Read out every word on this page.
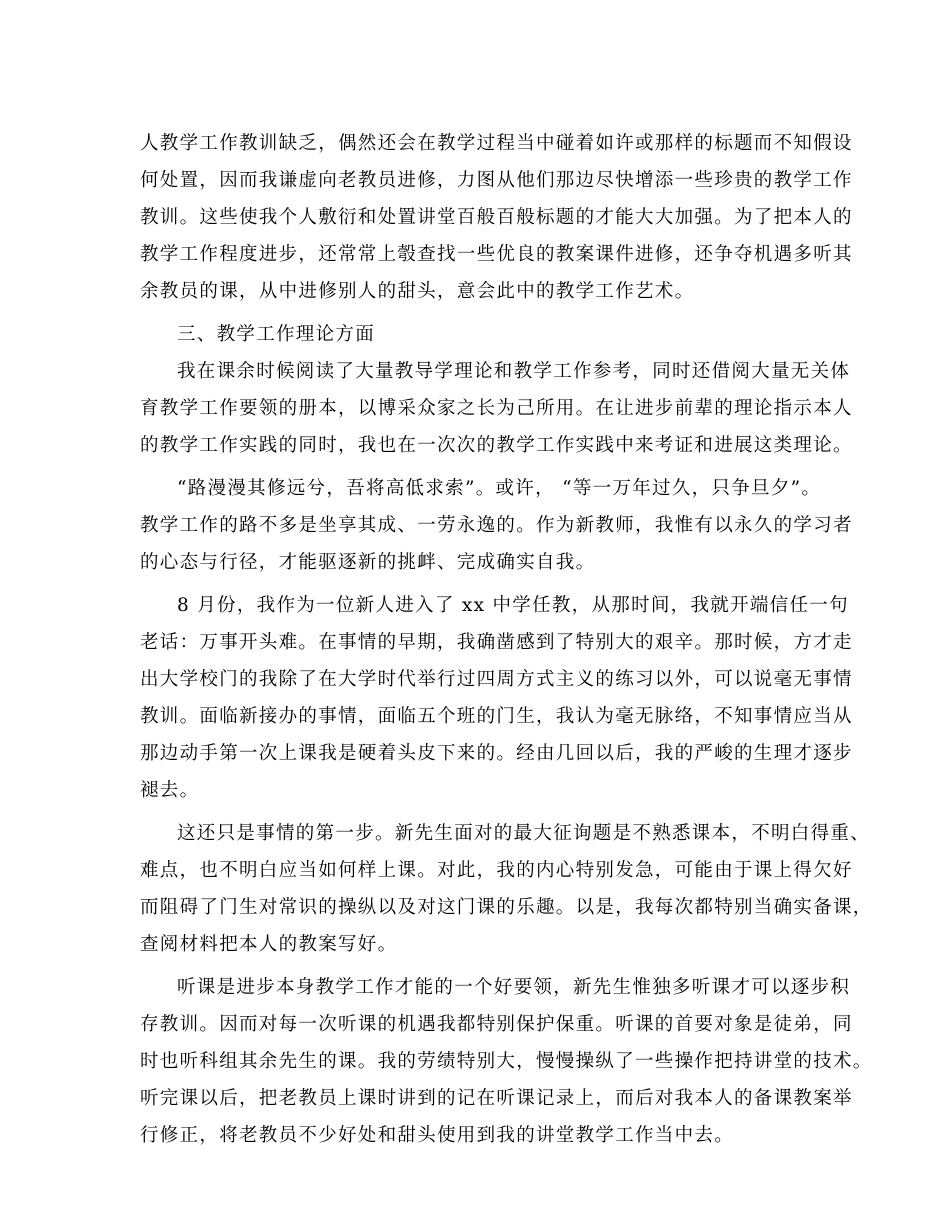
人教学工作教训缺乏，偶然还会在教学过程当中碰着如许或那样的标题而不知假设
何处置，因而我谦虚向老教员进修，力图从他们那边尽快增添一些珍贵的教学工作
教训。这些使我个人敷衍和处置讲堂百般百般标题的才能大大加强。为了把本人的
教学工作程度进步，还常常上彀查找一些优良的教案课件进修，还争夺机遇多听其
余教员的课，从中进修别人的甜头，意会此中的教学工作艺术。

三、教学工作理论方面

我在课余时候阅读了大量教导学理论和教学工作参考，同时还借阅大量无关体
育教学工作要领的册本，以博采众家之长为己所用。在让进步前辈的理论指示本人
的教学工作实践的同时，我也在一次次的教学工作实践中来考证和进展这类理论。

“路漫漫其修远兮，吾将高低求索”。或许， “等一万年过久，只争旦夕”。
教学工作的路不多是坐享其成、一劳永逸的。作为新教师，我惟有以永久的学习者
的心态与行径，才能驱逐新的挑衅、完成确实自我。

8 月份，我作为一位新人进入了 xx 中学任教，从那时间，我就开端信任一句
老话：万事开头难。在事情的早期，我确凿感到了特别大的艰辛。那时候，方才走
出大学校门的我除了在大学时代举行过四周方式主义的练习以外，可以说毫无事情
教训。面临新接办的事情，面临五个班的门生，我认为毫无脉络，不知事情应当从
那边动手第一次上课我是硬着头皮下来的。经由几回以后，我的严峻的生理才逐步
褪去。

这还只是事情的第一步。新先生面对的最大征询题是不熟悉课本，不明白得重、
难点，也不明白应当如何样上课。对此，我的内心特别发急，可能由于课上得欠好
而阻碍了门生对常识的操纵以及对这门课的乐趣。以是，我每次都特别当确实备课，
查阅材料把本人的教案写好。

听课是进步本身教学工作才能的一个好要领，新先生惟独多听课才可以逐步积
存教训。因而对每一次听课的机遇我都特别保护保重。听课的首要对象是徒弟，同
时也听科组其余先生的课。我的劳绩特别大，慢慢操纵了一些操作把持讲堂的技术。
听完课以后，把老教员上课时讲到的记在听课记录上，而后对我本人的备课教案举
行修正，将老教员不少好处和甜头使用到我的讲堂教学工作当中去。
